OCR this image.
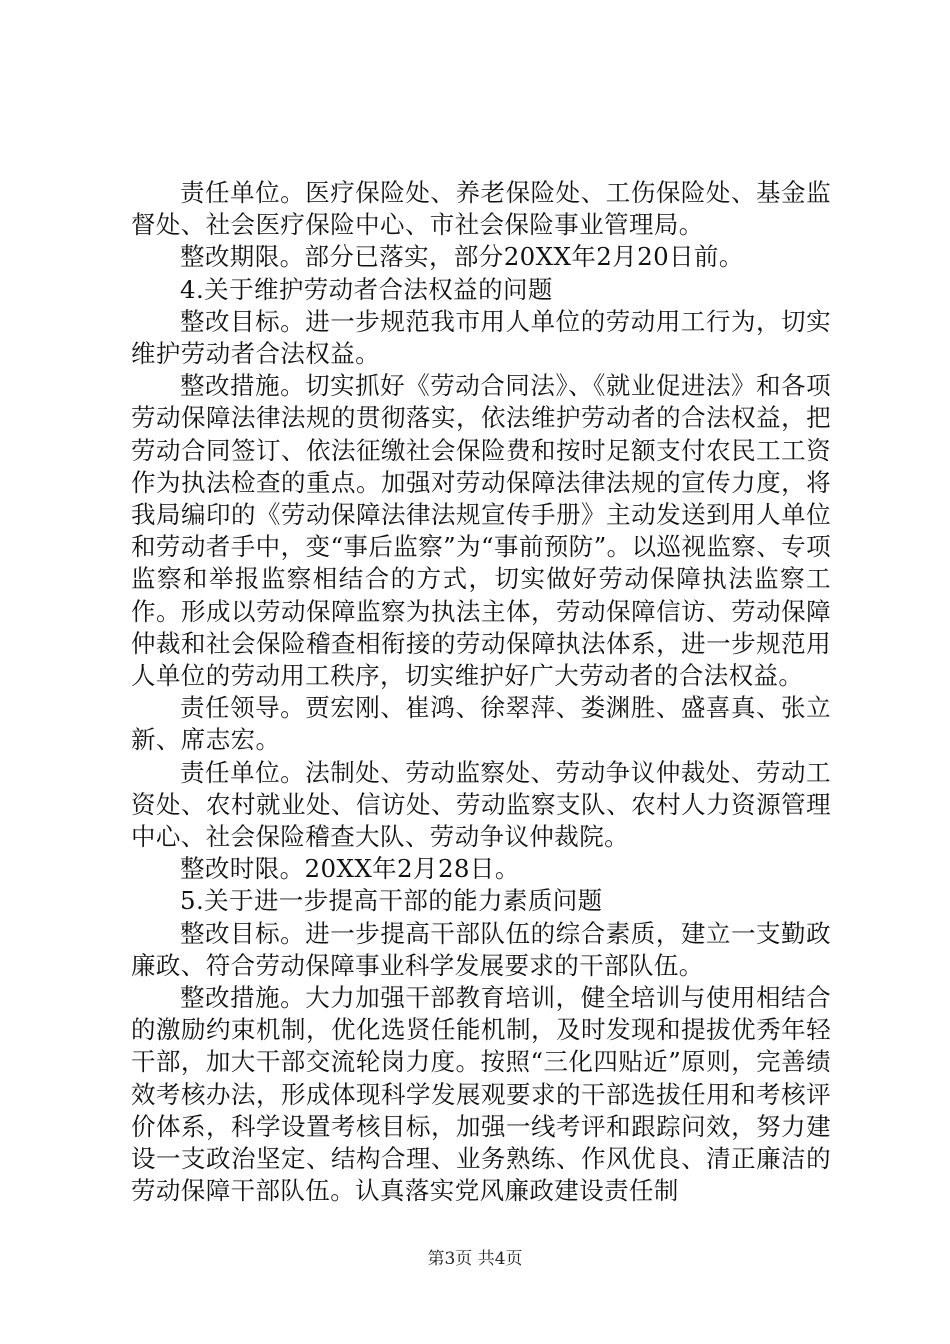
责任单位。医疗保险处、养老保险处、工伤保险处、基金监督处、社会医疗保险中心、市社会保险事业管理局。

整改期限。部分已落实，部分20XX年2月20日前。

4.关于维护劳动者合法权益的问题

整改目标。进一步规范我市用人单位的劳动用工行为，切实维护劳动者合法权益。

整改措施。切实抓好《劳动合同法》、《就业促进法》和各项劳动保障法律法规的贯彻落实，依法维护劳动者的合法权益，把劳动合同签订、依法征缴社会保险费和按时足额支付农民工工资作为执法检查的重点。加强对劳动保障法律法规的宣传力度，将我局编印的《劳动保障法律法规宣传手册》主动发送到用人单位和劳动者手中，变“事后监察”为“事前预防”。以巡视监察、专项监察和举报监察相结合的方式，切实做好劳动保障执法监察工作。形成以劳动保障监察为执法主体，劳动保障信访、劳动保障仲裁和社会保险稽查相衔接的劳动保障执法体系，进一步规范用人单位的劳动用工秩序，切实维护好广大劳动者的合法权益。

责任领导。贾宏刚、崔鸿、徐翠萍、娄渊胜、盛喜真、张立新、席志宏。

责任单位。法制处、劳动监察处、劳动争议仲裁处、劳动工资处、农村就业处、信访处、劳动监察支队、农村人力资源管理中心、社会保险稽查大队、劳动争议仲裁院。

整改时限。20XX年2月28日。

5.关于进一步提高干部的能力素质问题

整改目标。进一步提高干部队伍的综合素质，建立一支勤政廉政、符合劳动保障事业科学发展要求的干部队伍。

整改措施。大力加强干部教育培训，健全培训与使用相结合的激励约束机制，优化选贤任能机制，及时发现和提拔优秀年轻干部，加大干部交流轮岗力度。按照“三化四贴近”原则，完善绩效考核办法，形成体现科学发展观要求的干部选拔任用和考核评价体系，科学设置考核目标，加强一线考评和跟踪问效，努力建设一支政治坚定、结构合理、业务熟练、作风优良、清正廉洁的劳动保障干部队伍。认真落实党风廉政建设责任制

第3页 共4页
